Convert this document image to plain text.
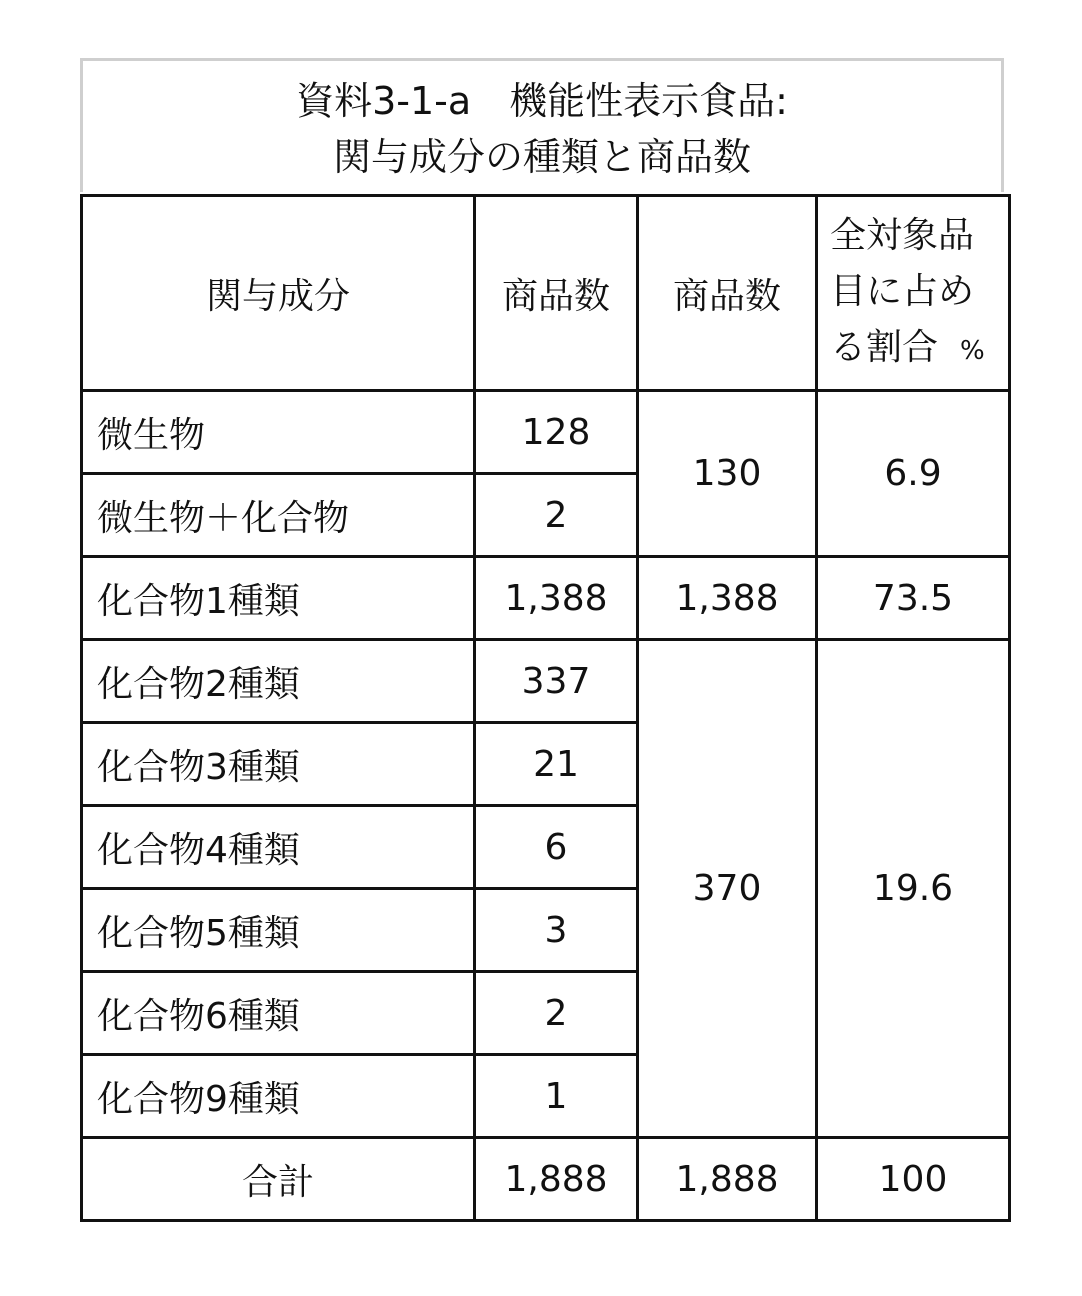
資料3-1-a　機能性表示食品:
関与成分の種類と商品数
関与成分	商品数	商品数	全対象品
目に占め
る割合 %

微生物	128	130	6.9
微生物＋化合物	2		
化合物1種類	1,388	1,388	73.5
化合物2種類	337	370	19.6
化合物3種類	21		
化合物4種類	6		
化合物5種類	3		
化合物6種類	2		
化合物9種類	1		
合計	1,888	1,888	100
